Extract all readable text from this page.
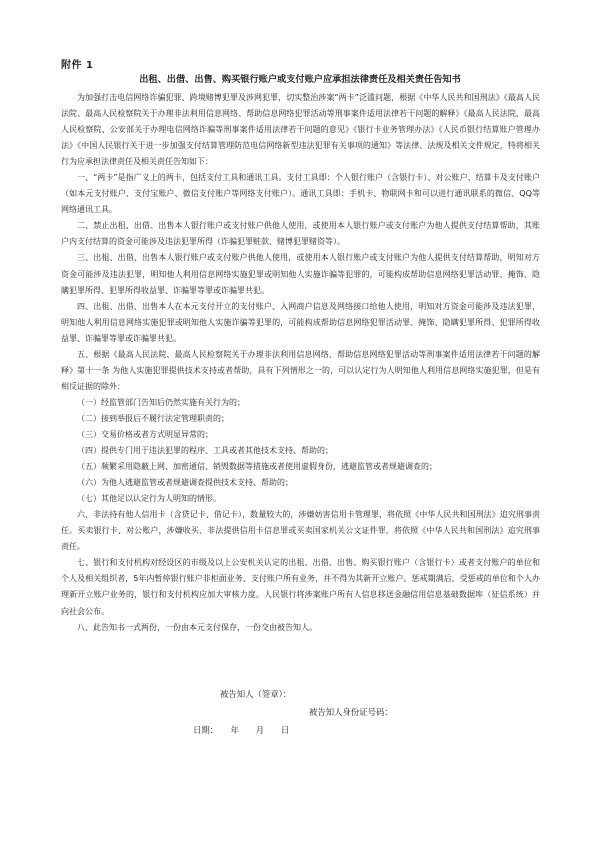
附件 1
出租、出借、出售、购买银行账户或支付账户应承担法律责任及相关责任告知书

为加强打击电信网络诈骗犯罪、跨境赌博犯罪及涉网犯罪，切实整治涉案“两卡”泛滥问题，根据《中华人民共和国刑法》《最高人民法院、最高人民检察院关于办理非法利用信息网络、帮助信息网络犯罪活动等刑事案件适用法律若干问题的解释》《最高人民法院、最高人民检察院、公安部关于办理电信网络诈骗等刑事案件适用法律若干问题的意见》《银行卡业务管理办法》《人民币银行结算账户管理办法》《中国人民银行关于进一步加强支付结算管理防范电信网络新型违法犯罪有关事项的通知》等法律、法规及相关文件规定，特将相关行为应承担法律责任及相关责任告知如下：

一、“两卡”是指广义上的两卡，包括支付工具和通讯工具。支付工具即：个人银行账户（含银行卡）、对公账户、结算卡及支付账户（如本元支付账户、支付宝账户、微信支付账户等网络支付账户）。通讯工具即：手机卡、物联网卡和可以进行通讯联系的微信、QQ等网络通讯工具。

二、禁止出租、出借、出售本人银行账户或支付账户供他人使用，或使用本人银行账户或支付账户为他人提供支付结算帮助，其账户内支付结算的资金可能涉及违法犯罪所得（诈骗犯罪赃款、赌博犯罪赌资等）。

三、出租、出借、出售本人银行账户或支付账户供他人使用，或使用本人银行账户或支付账户为他人提供支付结算帮助，明知对方资金可能涉及违法犯罪，明知他人利用信息网络实施犯罪或明知他人实施诈骗等犯罪的，可能构成帮助信息网络犯罪活动罪、掩饰、隐瞒犯罪所得、犯罪所得收益罪、诈骗罪等罪或诈骗罪共犯。

四、出租、出借、出售本人在本元支付开立的支付账户、入网商户信息及网络接口给他人使用，明知对方资金可能涉及违法犯罪，明知他人利用信息网络实施犯罪或明知他人实施诈骗等犯罪的，可能构成帮助信息网络犯罪活动罪、掩饰、隐瞒犯罪所得、犯罪所得收益罪、诈骗罪等罪或诈骗罪共犯。

五、根据《最高人民法院、最高人民检察院关于办理非法利用信息网络、帮助信息网络犯罪活动等刑事案件适用法律若干问题的解释》第十一条 为他人实施犯罪提供技术支持或者帮助，具有下列情形之一的，可以认定行为人明知他人利用信息网络实施犯罪，但是有相反证据的除外：

（一）经监管部门告知后仍然实施有关行为的；

（二）接到举报后不履行法定管理职责的；

（三）交易价格或者方式明显异常的；

（四）提供专门用于违法犯罪的程序、工具或者其他技术支持、帮助的；

（五）频繁采用隐蔽上网、加密通信、销毁数据等措施或者使用虚假身份，逃避监管或者规避调查的；

（六）为他人逃避监管或者规避调查提供技术支持、帮助的；

（七）其他足以认定行为人明知的情形。

六、非法持有他人信用卡（含贷记卡、借记卡），数量较大的，涉嫌妨害信用卡管理罪，将依照《中华人民共和国刑法》追究刑事责任。买卖银行卡、对公账户，涉嫌收买、非法提供信用卡信息罪或买卖国家机关公文证件罪，将依照《中华人民共和国刑法》追究刑事责任。

七、银行和支付机构对经设区的市级及以上公安机关认定的出租、出借、出售、购买银行账户（含银行卡）或者支付账户的单位和个人及相关组织者，5年内暂停银行账户非柜面业务、支付账户所有业务，并不得为其新开立账户。惩戒期满后，受惩戒的单位和个人办理新开立账户业务的，银行和支付机构应加大审核力度。人民银行将涉案账户所有人信息移送金融信用信息基础数据库（征信系统）并向社会公布。

八、此告知书一式两份，一份由本元支付保存，一份交由被告知人。

被告知人（签章）：
被告知人身份证号码：
日期：　　年　　月　　日
